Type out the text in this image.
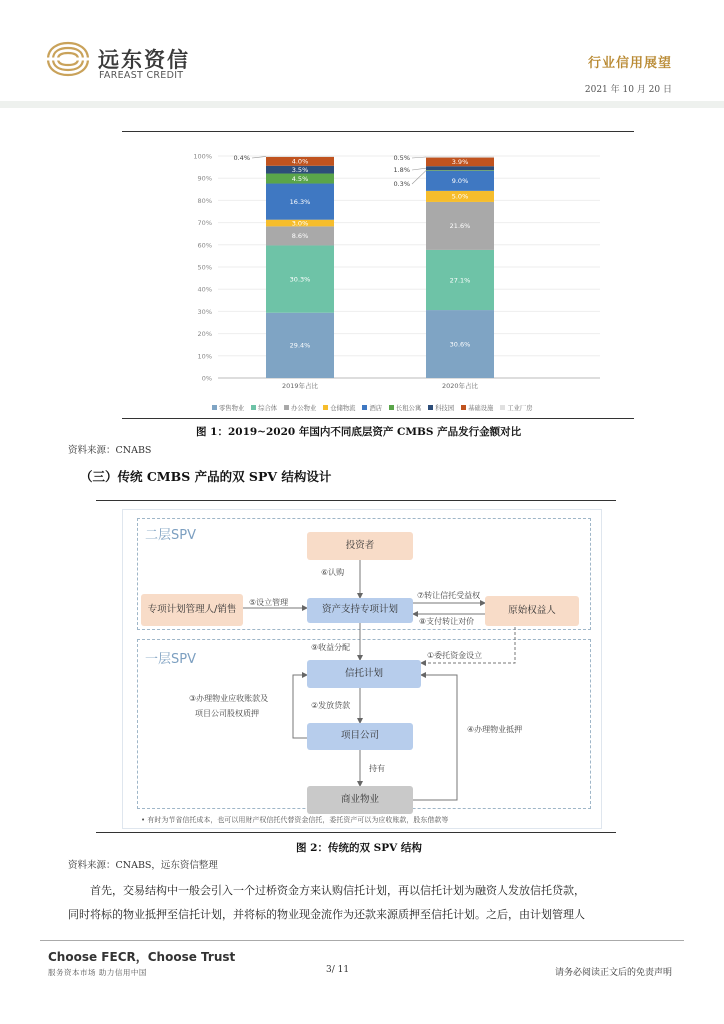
远东资信
FAREAST CREDIT
行业信用展望
2021 年 10 月 20 日
100%
90%
80%
70%
60%
50%
40%
30%
20%
10%
0%
29.4%
30.3%
8.6%
3.0%
16.3%
4.5%
3.5%
4.0%
2019年占比
30.6%
27.1%
21.6%
5.0%
9.0%
3.9%
2020年占比
0.4%	0.5%
1.8%
0.3%
零售物业 综合体 办公物业 仓储物流 酒店 长租公寓 科技园 基础设施 工业厂房
图 1：2019~2020 年国内不同底层资产 CMBS 产品发行金额对比
资料来源：CNABS
（三）传统 CMBS 产品的双 SPV 结构设计
二层SPV
一层SPV
投资者
专项计划管理人/销售	资产支持专项计划	原始权益人
信托计划
项目公司
商业物业
⑥认购
⑤设立管理
⑦转让信托受益权
⑧支付转让对价
⑨收益分配
①委托资金设立
③办理物业应收账款及
项目公司股权质押
②发放贷款
④办理物业抵押
持有
• 有时为节省信托成本，也可以用财产权信托代替资金信托，委托资产可以为应收账款，股东借款等
图 2：传统的双 SPV 结构
资料来源：CNABS，远东资信整理
首先，交易结构中一般会引入一个过桥资金方来认购信托计划，再以信托计划为融资人发放信托贷款，
同时将标的物业抵押至信托计划，并将标的物业现金流作为还款来源质押至信托计划。之后，由计划管理人
Choose FECR，Choose Trust
服务资本市场 助力信用中国	3/ 11	请务必阅读正文后的免责声明
